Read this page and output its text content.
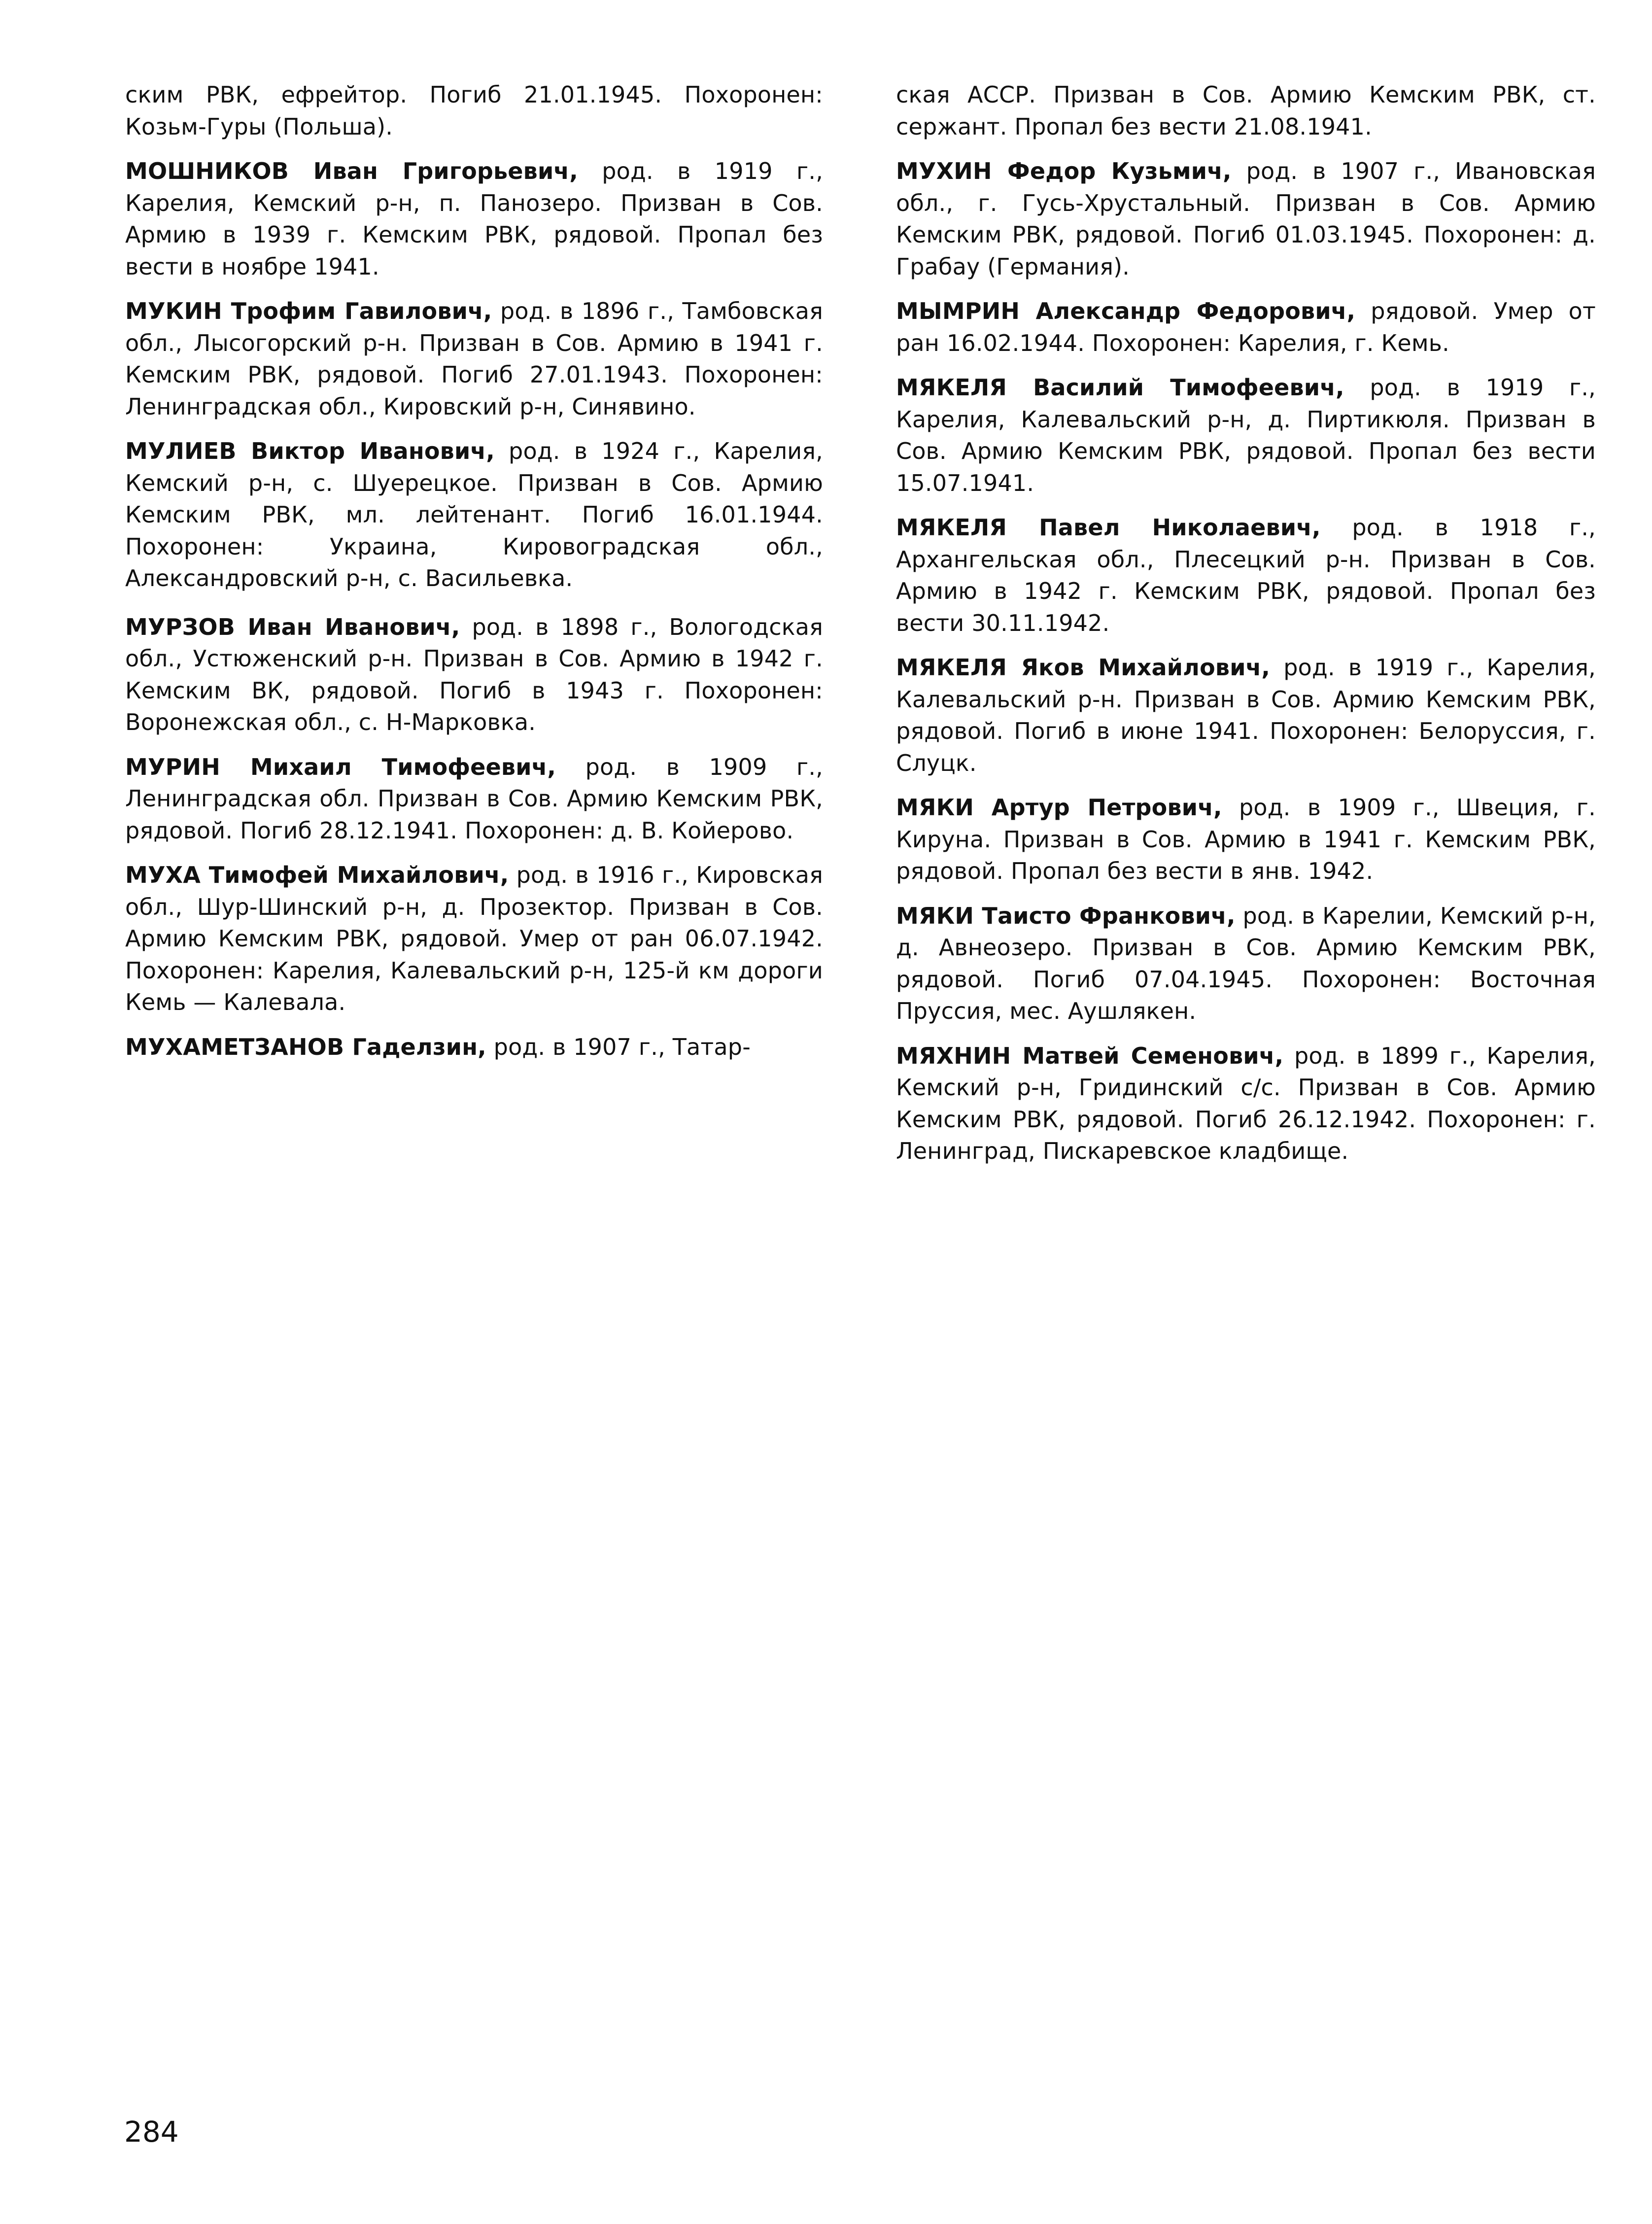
ским РВК, ефрейтор. Погиб 21.01.1945. Похоронен: Козьм-Гуры (Польша).

МОШНИКОВ Иван Григорьевич, род. в 1919 г., Карелия, Кемский р-н, п. Панозеро. Призван в Сов. Армию в 1939 г. Кемским РВК, рядовой. Пропал без вести в ноябре 1941.

МУКИН Трофим Гавилович, род. в 1896 г., Тамбовская обл., Лысогорский р-н. Призван в Сов. Армию в 1941 г. Кемским РВК, рядовой. Погиб 27.01.1943. Похоронен: Ленинградская обл., Кировский р-н, Синявино.

МУЛИЕВ Виктор Иванович, род. в 1924 г., Карелия, Кемский р-н, с. Шуерецкое. Призван в Сов. Армию Кемским РВК, мл. лейтенант. Погиб 16.01.1944. Похоронен: Украина, Кировоградская обл., Александровский р-н, с. Васильевка.

МУРЗОВ Иван Иванович, род. в 1898 г., Вологодская обл., Устюженский р-н. Призван в Сов. Армию в 1942 г. Кемским ВК, рядовой. Погиб в 1943 г. Похоронен: Воронежская обл., с. Н-Марковка.

МУРИН Михаил Тимофеевич, род. в 1909 г., Ленинградская обл. Призван в Сов. Армию Кемским РВК, рядовой. Погиб 28.12.1941. Похоронен: д. В. Койерово.

МУХА Тимофей Михайлович, род. в 1916 г., Кировская обл., Шур-Шинский р-н, д. Прозектор. Призван в Сов. Армию Кемским РВК, рядовой. Умер от ран 06.07.1942. Похоронен: Карелия, Калевальский р-н, 125-й км дороги Кемь — Калевала.

МУХАМЕТЗАНОВ Гаделзин, род. в 1907 г., Татар-

ская АССР. Призван в Сов. Армию Кемским РВК, ст. сержант. Пропал без вести 21.08.1941.

МУХИН Федор Кузьмич, род. в 1907 г., Ивановская обл., г. Гусь-Хрустальный. Призван в Сов. Армию Кемским РВК, рядовой. Погиб 01.03.1945. Похоронен: д. Грабау (Германия).

МЫМРИН Александр Федорович, рядовой. Умер от ран 16.02.1944. Похоронен: Карелия, г. Кемь.

МЯКЕЛЯ Василий Тимофеевич, род. в 1919 г., Карелия, Калевальский р-н, д. Пиртикюля. Призван в Сов. Армию Кемским РВК, рядовой. Пропал без вести 15.07.1941.

МЯКЕЛЯ Павел Николаевич, род. в 1918 г., Архангельская обл., Плесецкий р-н. Призван в Сов. Армию в 1942 г. Кемским РВК, рядовой. Пропал без вести 30.11.1942.

МЯКЕЛЯ Яков Михайлович, род. в 1919 г., Карелия, Калевальский р-н. Призван в Сов. Армию Кемским РВК, рядовой. Погиб в июне 1941. Похоронен: Белоруссия, г. Слуцк.

МЯКИ Артур Петрович, род. в 1909 г., Швеция, г. Кируна. Призван в Сов. Армию в 1941 г. Кемским РВК, рядовой. Пропал без вести в янв. 1942.

МЯКИ Таисто Франкович, род. в Карелии, Кемский р-н, д. Авнеозеро. Призван в Сов. Армию Кемским РВК, рядовой. Погиб 07.04.1945. Похоронен: Восточная Пруссия, мес. Аушлякен.

МЯХНИН Матвей Семенович, род. в 1899 г., Карелия, Кемский р-н, Гридинский с/с. Призван в Сов. Армию Кемским РВК, рядовой. Погиб 26.12.1942. Похоронен: г. Ленинград, Пискаревское кладбище.

284
